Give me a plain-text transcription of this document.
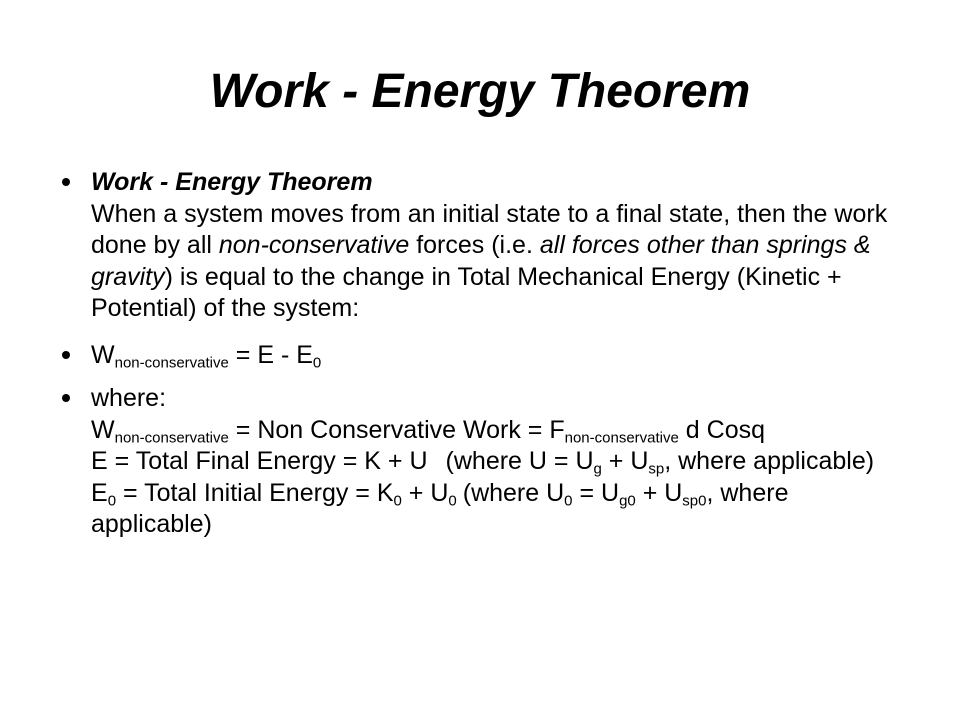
Work - Energy Theorem
Work - Energy Theorem
When a system moves from an initial state to a final state, then the work done by all non-conservative forces (i.e. all forces other than springs & gravity) is equal to the change in Total Mechanical Energy (Kinetic + Potential) of the system:
$W_{non-conservative} = E - E_0$
where:
$W_{non-conservative}$ = Non Conservative Work = $F_{non-conservative}$ d Cosq
E = Total Final Energy = K + U (where $U = U_g + U_{sp}$, where applicable)
$E_0$ = Total Initial Energy = $K_0 + U_0$ (where $U_0 = U_{g0} + U_{sp0}$, where applicable)
